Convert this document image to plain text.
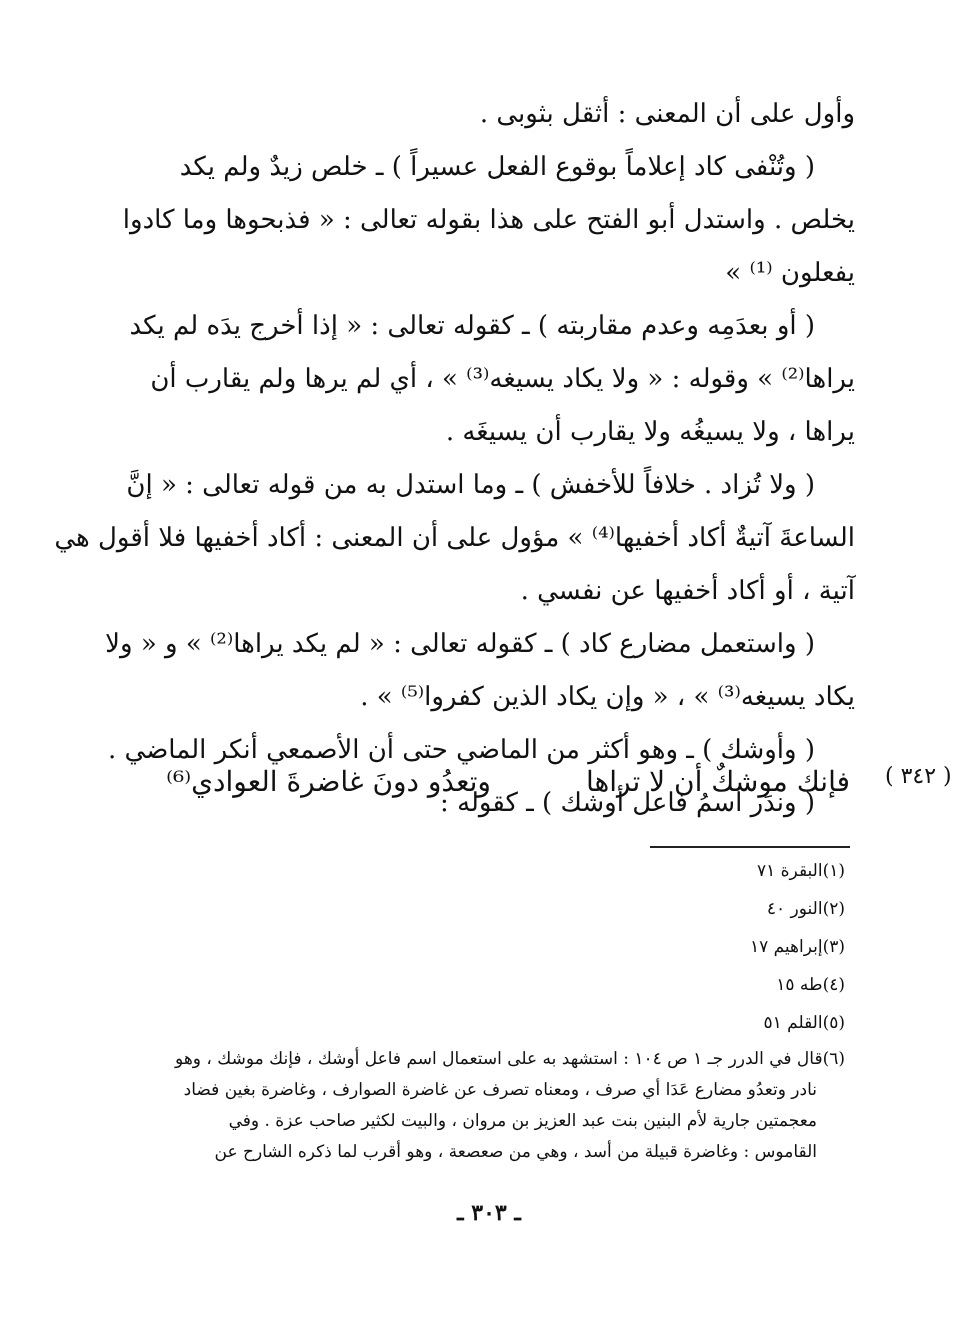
وأول على أن المعنى : أثقل بثوبى .
( وتُنْفى كاد إعلاماً بوقوع الفعل عسيراً ) ـ خلص زيدٌ ولم يكد
يخلص . واستدل أبو الفتح على هذا بقوله تعالى : « فذبحوها وما كادوا
يفعلون ⁽¹⁾ »
( أو بعدَمِه وعدم مقاربته ) ـ كقوله تعالى : « إذا أخرج يدَه لم يكد
يراها⁽²⁾ » وقوله : « ولا يكاد يسيغه⁽³⁾ » ، أي لم يرها ولم يقارب أن
يراها ، ولا يسيغُه ولا يقارب أن يسيغَه .
( ولا تُزاد . خلافاً للأخفش ) ـ وما استدل به من قوله تعالى : « إنَّ
الساعةَ آتيةٌ أكاد أخفيها⁽⁴⁾ » مؤول على أن المعنى : أكاد أخفيها فلا أقول هي
آتية ، أو أكاد أخفيها عن نفسي .
( واستعمل مضارع كاد ) ـ كقوله تعالى : « لم يكد يراها⁽²⁾ » و « ولا
يكاد يسيغه⁽³⁾ » ، « وإن يكاد الذين كفروا⁽⁵⁾ » .
( وأوشك ) ـ وهو أكثر من الماضي حتى أن الأصمعي أنكر الماضي .
( وندَر اسمُ فاعل أوشك ) ـ كقوله :
فإنك موشكٌ أن لا تراها
وتعدُو دونَ غاضرةَ العوادي⁽⁶⁾	( ٣٤٢ )
(١)البقرة ٧١
(٢)النور ٤٠
(٣)إبراهيم ١٧
(٤)طه ١٥
(٥)القلم ٥١
(٦)قال في الدرر جـ ١ ص ١٠٤ : استشهد به على استعمال اسم فاعل أوشك ، فإنك موشك ، وهو
نادر وتعدُو مضارع عَدَا أي صرف ، ومعناه تصرف عن غاضرة الصوارف ، وغاضرة بغين فضاد
معجمتين جارية لأم البنين بنت عبد العزيز بن مروان ، والبيت لكثير صاحب عزة . وفي
القاموس : وغاضرة قبيلة من أسد ، وهي من صعصعة ، وهو أقرب لما ذكره الشارح عن
ـ ٣٠٣ ـ
